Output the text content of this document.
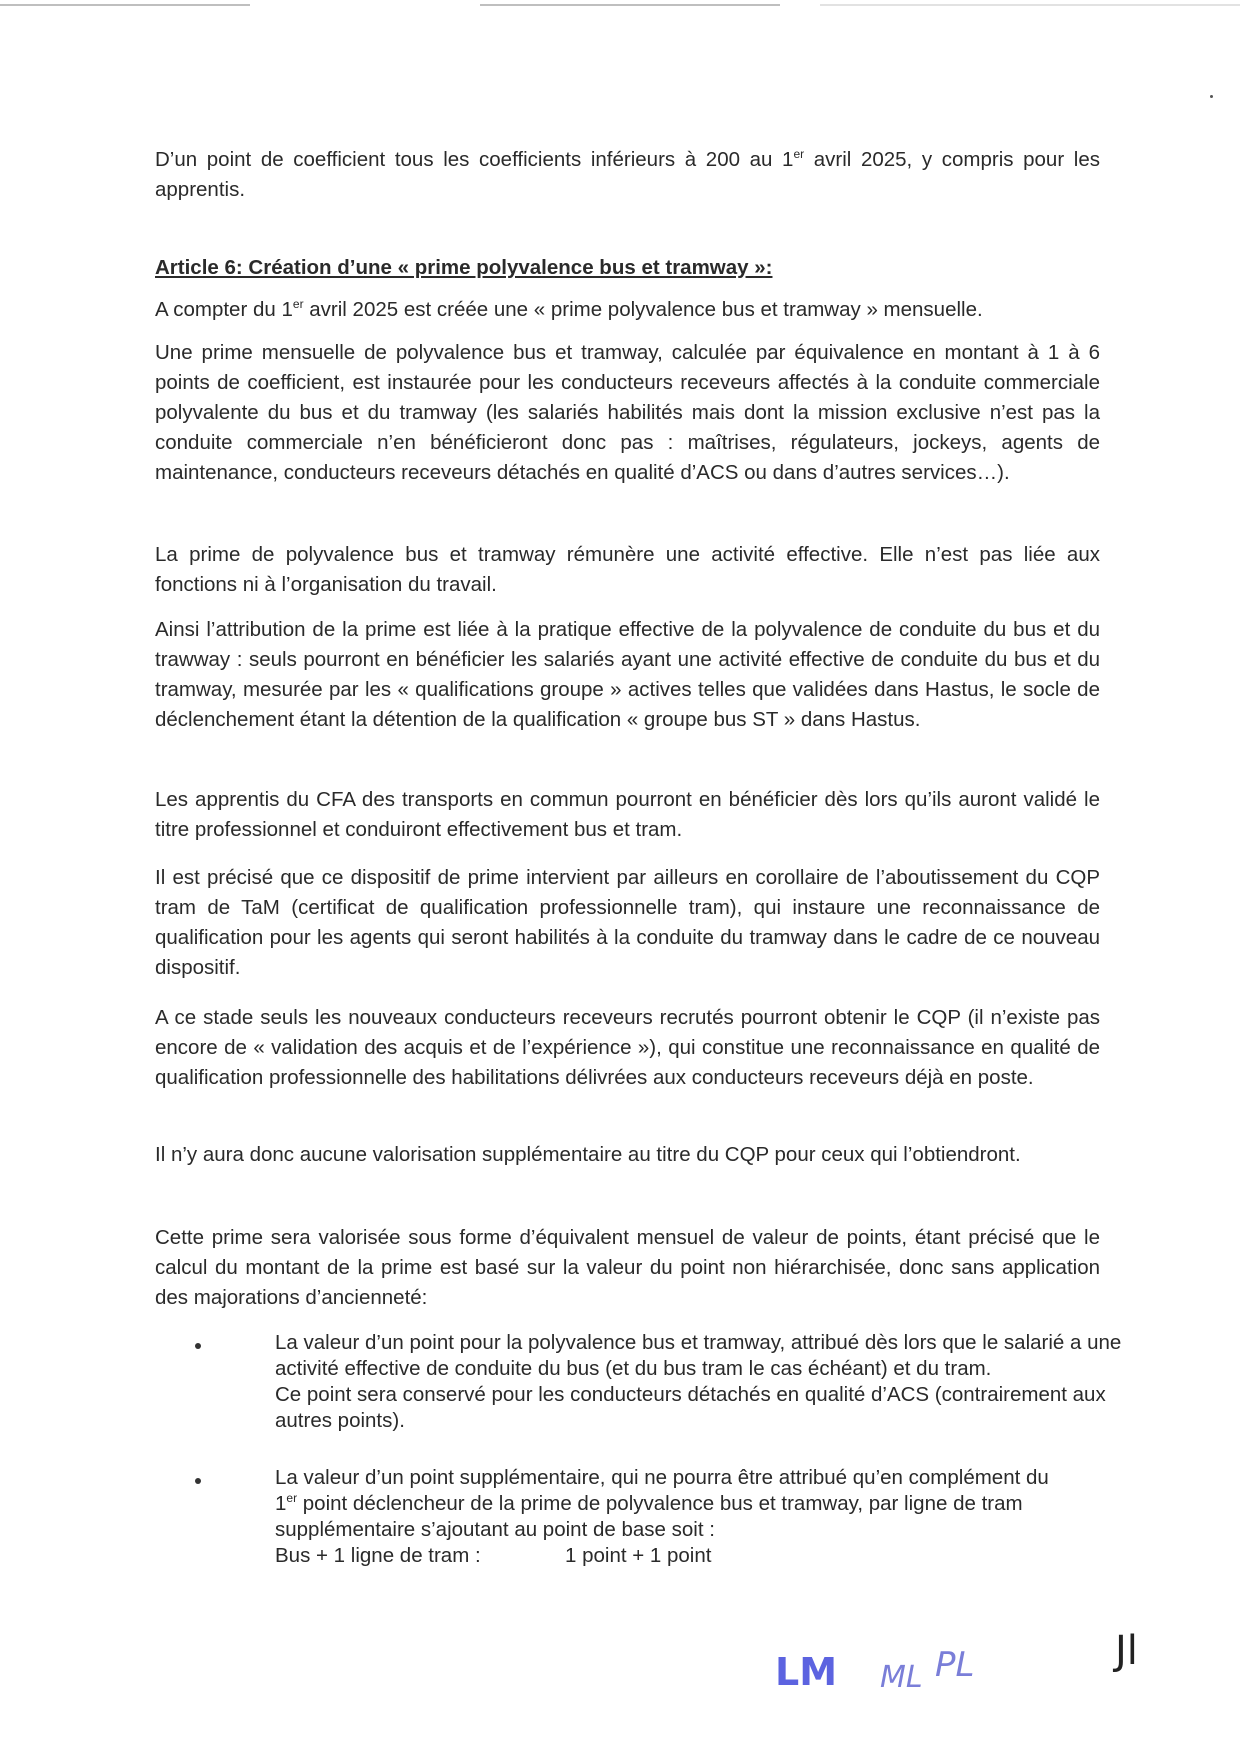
D’un point de coefficient tous les coefficients inférieurs à 200 au 1er avril 2025, y compris pour les apprentis.

Article 6: Création d’une « prime polyvalence bus et tramway »:

A compter du 1er avril 2025 est créée une « prime polyvalence bus et tramway » mensuelle.

Une prime mensuelle de polyvalence bus et tramway, calculée par équivalence en montant à 1 à 6 points de coefficient, est instaurée pour les conducteurs receveurs affectés à la conduite commerciale polyvalente du bus et du tramway (les salariés habilités mais dont la mission exclusive n’est pas la conduite commerciale n’en bénéficieront donc pas : maîtrises, régulateurs, jockeys, agents de maintenance, conducteurs receveurs détachés en qualité d’ACS ou dans d’autres services…).

La prime de polyvalence bus et tramway rémunère une activité effective. Elle n’est pas liée aux fonctions ni à l’organisation du travail.

Ainsi l’attribution de la prime est liée à la pratique effective de la polyvalence de conduite du bus et du trawway : seuls pourront en bénéficier les salariés ayant une activité effective de conduite du bus et du tramway, mesurée par les « qualifications groupe » actives telles que validées dans Hastus, le socle de déclenchement étant la détention de la qualification « groupe bus ST » dans Hastus.

Les apprentis du CFA des transports en commun pourront en bénéficier dès lors qu’ils auront validé le titre professionnel et conduiront effectivement bus et tram.

Il est précisé que ce dispositif de prime intervient par ailleurs en corollaire de l’aboutissement du CQP tram de TaM (certificat de qualification professionnelle tram), qui instaure une reconnaissance de qualification pour les agents qui seront habilités à la conduite du tramway dans le cadre de ce nouveau dispositif.

A ce stade seuls les nouveaux conducteurs receveurs recrutés pourront obtenir le CQP (il n’existe pas encore de « validation des acquis et de l’expérience »), qui constitue une reconnaissance en qualité de qualification professionnelle des habilitations délivrées aux conducteurs receveurs déjà en poste.

Il n’y aura donc aucune valorisation supplémentaire au titre du CQP pour ceux qui l’obtiendront.

Cette prime sera valorisée sous forme d’équivalent mensuel de valeur de points, étant précisé que le calcul du montant de la prime est basé sur la valeur du point non hiérarchisée, donc sans application des majorations d’ancienneté:

La valeur d’un point pour la polyvalence bus et tramway, attribué dès lors que le salarié a une activité effective de conduite du bus (et du bus tram le cas échéant) et du tram.
Ce point sera conservé pour les conducteurs détachés en qualité d’ACS (contrairement aux autres points).
La valeur d’un point supplémentaire, qui ne pourra être attribué qu’en complément du
1er point déclencheur de la prime de polyvalence bus et tramway, par ligne de tram supplémentaire s’ajoutant au point de base soit :
Bus + 1 ligne de tram :	1 point + 1 point
LM ML PL	Jl
